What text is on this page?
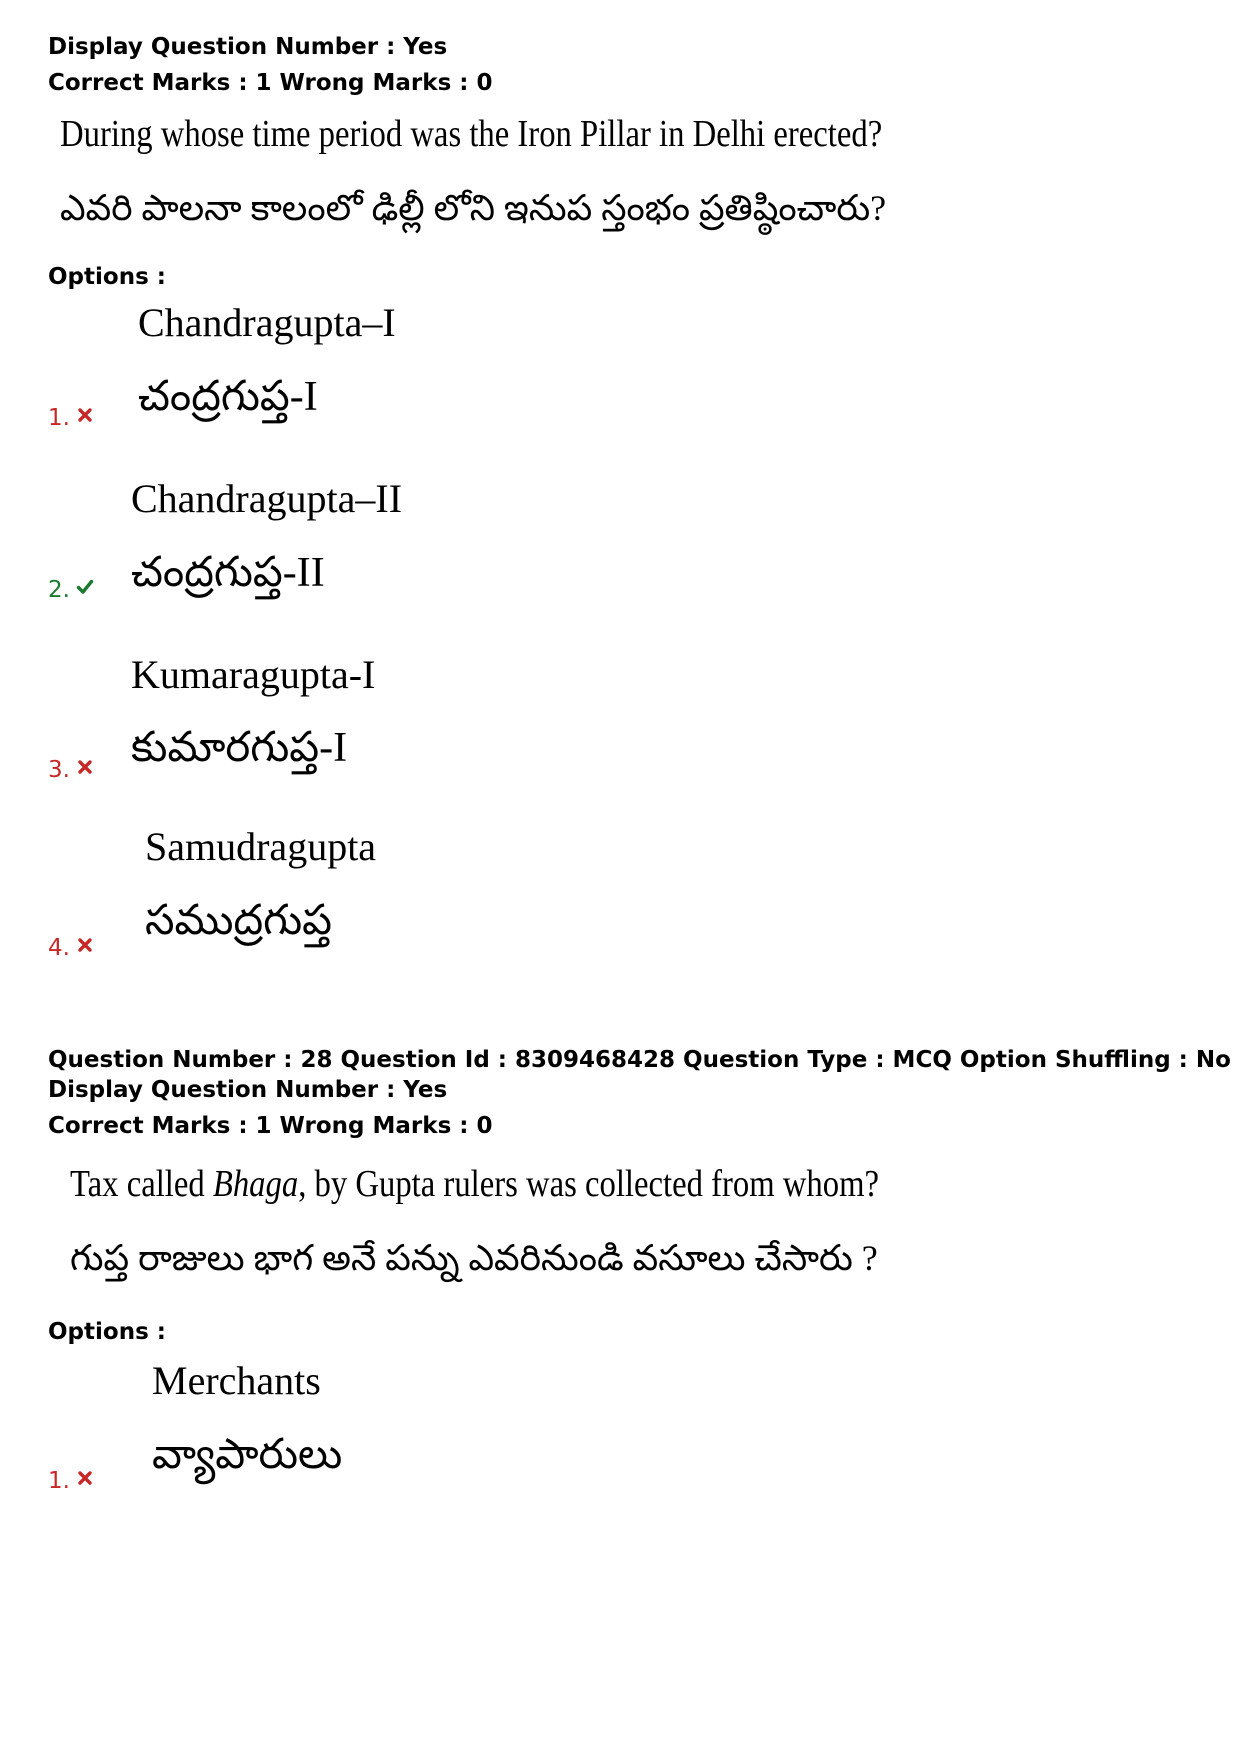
Display Question Number : Yes
Correct Marks : 1 Wrong Marks : 0
During whose time period was the Iron Pillar in Delhi erected?
ఎవరి పాలనా కాలంలో ఢిల్లీ లోని ఇనుప స్తంభం ప్రతిష్ఠించారు?
Options :
Chandragupta–I
చంద్రగుప్త-I
1.
Chandragupta–II
చంద్రగుప్త-II
2.
Kumaragupta-I
కుమారగుప్త-I
3.
Samudragupta
సముద్రగుప్త
4.
Question Number : 28 Question Id : 8309468428 Question Type : MCQ Option Shuffling : No
Display Question Number : Yes
Correct Marks : 1 Wrong Marks : 0
Tax called Bhaga, by Gupta rulers was collected from whom?
గుప్త రాజులు భాగ అనే పన్ను ఎవరినుండి వసూలు చేసారు ?
Options :
Merchants
వ్యాపారులు
1.
